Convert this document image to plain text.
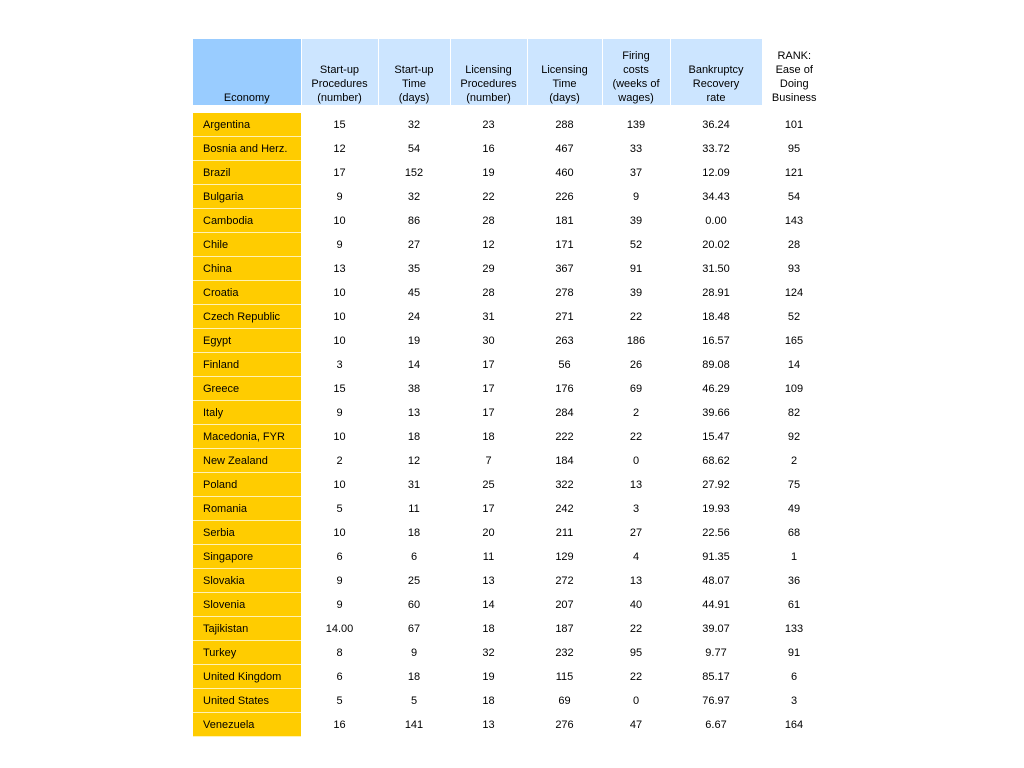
Economy	Start-up
Procedures
(number)	Start-up
Time
(days)	Licensing
Procedures
(number)	Licensing
Time
(days)	Firing
costs
(weeks of
wages)	Bankruptcy
Recovery
rate	RANK:
Ease of
Doing
Business
Argentina	15	32	23	288	139	36.24	101
Bosnia and Herz.	12	54	16	467	33	33.72	95
Brazil	17	152	19	460	37	12.09	121
Bulgaria	9	32	22	226	9	34.43	54
Cambodia	10	86	28	181	39	0.00	143
Chile	9	27	12	171	52	20.02	28
China	13	35	29	367	91	31.50	93
Croatia	10	45	28	278	39	28.91	124
Czech Republic	10	24	31	271	22	18.48	52
Egypt	10	19	30	263	186	16.57	165
Finland	3	14	17	56	26	89.08	14
Greece	15	38	17	176	69	46.29	109
Italy	9	13	17	284	2	39.66	82
Macedonia, FYR	10	18	18	222	22	15.47	92
New Zealand	2	12	7	184	0	68.62	2
Poland	10	31	25	322	13	27.92	75
Romania	5	11	17	242	3	19.93	49
Serbia	10	18	20	211	27	22.56	68
Singapore	6	6	11	129	4	91.35	1
Slovakia	9	25	13	272	13	48.07	36
Slovenia	9	60	14	207	40	44.91	61
Tajikistan	14.00	67	18	187	22	39.07	133
Turkey	8	9	32	232	95	9.77	91
United Kingdom	6	18	19	115	22	85.17	6
United States	5	5	18	69	0	76.97	3
Venezuela	16	141	13	276	47	6.67	164
